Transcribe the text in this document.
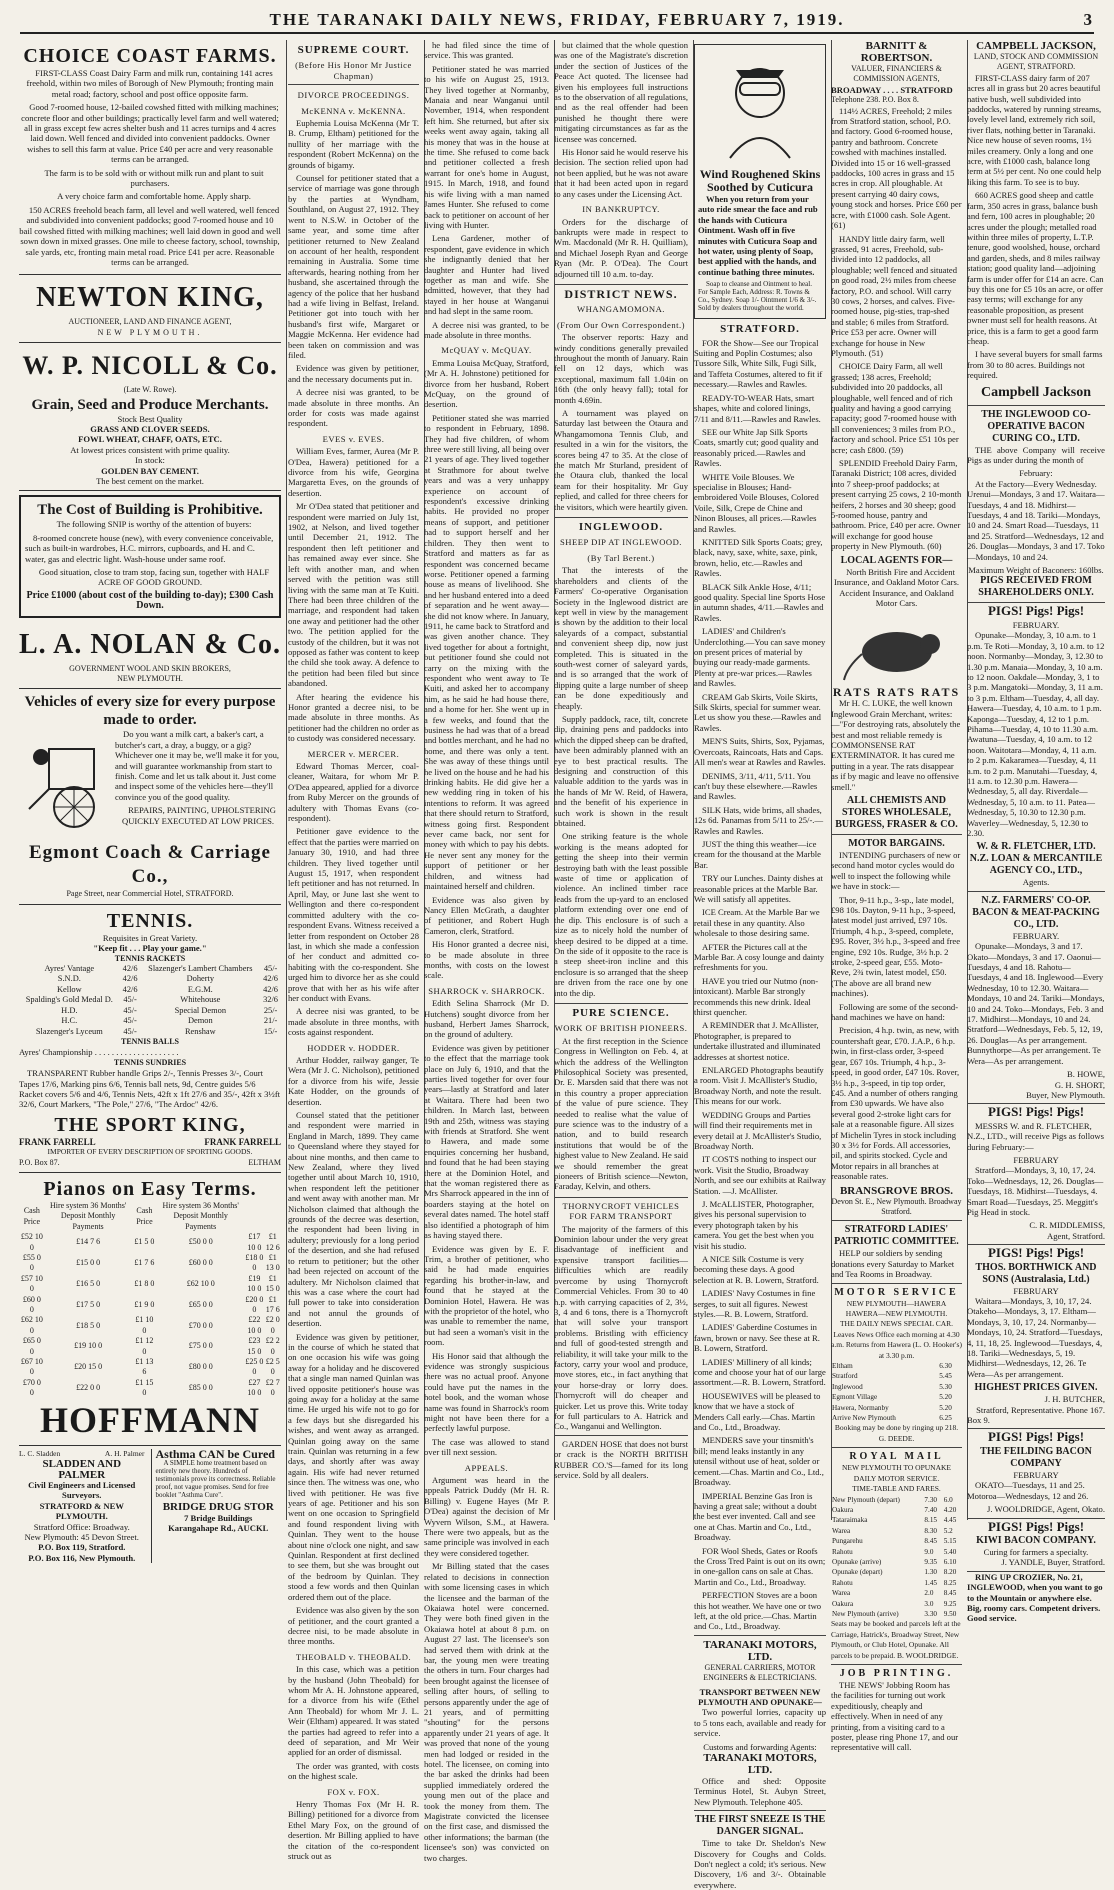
THE TARANAKI DAILY NEWS, FRIDAY, FEBRUARY 7, 1919.	3
CHOICE COAST FARMS.

FIRST-CLASS Coast Dairy Farm and milk run, containing 141 acres freehold, within two miles of Borough of New Plymouth; fronting main metal road; factory, school and post office opposite farm.

Good 7-roomed house, 12-bailed cowshed fitted with milking machines; concrete floor and other buildings; practically level farm and well watered; all in grass except few acres shelter bush and 11 acres turnips and 4 acres laid down. Well fenced and divided into convenient paddocks. Owner wishes to sell this farm at value. Price £40 per acre and very reasonable terms can be arranged.

The farm is to be sold with or without milk run and plant to suit purchasers.

A very choice farm and comfortable home. Apply sharp.

150 ACRES freehold beach farm, all level and well watered, well fenced and subdivided into convenient paddocks; good 7-roomed house and 10 bail cowshed fitted with milking machines; well laid down in good and well sown down in mixed grasses. One mile to cheese factory, school, township, sale yards, etc, fronting main metal road. Price £41 per acre. Reasonable terms can be arranged.

NEWTON KING,
AUCTIONEER, LAND AND FINANCE AGENT,
NEW PLYMOUTH.
W. P. NICOLL & Co.
(Late W. Rowe).
Grain, Seed and Produce Merchants.
Stock Best Quality
GRASS AND CLOVER SEEDS.
FOWL WHEAT, CHAFF, OATS, ETC.
At lowest prices consistent with prime quality.
In stock:
GOLDEN BAY CEMENT.
The best cement on the market.
The Cost of Building is Prohibitive.

The following SNIP is worthy of the attention of buyers:

8-roomed concrete house (new), with every convenience conceivable, such as built-in wardrobes, H.C. mirrors, cupboards, and H. and C. water, gas and electric light. Wash-house under same roof.

Good situation, close to tram stop, facing sun, together with HALF ACRE OF GOOD GROUND.

Price £1000 (about cost of the building to-day); £300 Cash Down.
L. A. NOLAN & Co.
GOVERNMENT WOOL AND SKIN BROKERS,
NEW PLYMOUTH.
Vehicles of every size for every purpose made to order.

Do you want a milk cart, a baker's cart, a butcher's cart, a dray, a buggy, or a gig? Whichever one it may be, we'll make it for you, and will guarantee workmanship from start to finish. Come and let us talk about it. Just come and inspect some of the vehicles here—they'll convince you of the good quality.

REPAIRS, PAINTING, UPHOLSTERING QUICKLY EXECUTED AT LOW PRICES.

Egmont Coach & Carriage Co.,
Page Street, near Commercial Hotel, STRATFORD.
TENNIS.
Requisites in Great Variety.
"Keep fit . . . Play your game."
TENNIS RACKETS
Ayres' Vantage	42/6	Slazenger's Lambert Chambers	45/-
S.N.D.	42/6	Doherty	42/6
Kellow	42/6	E.G.M.	42/6
Spalding's Gold Medal D.	45/-	Whitehouse	32/6
H.D.	45/-	Special Demon	25/-
H.C.	45/-	Demon	21/-
Slazenger's Lyceum	45/-	Renshaw	15/-
TENNIS BALLS
Ayres' Championship . . . . . . . . . . . . . . . . . . . .
TENNIS SUNDRIES

TRANSPARENT Rubber handle Grips 2/-, Tennis Presses 3/-, Court Tapes 17/6, Marking pins 6/6, Tennis ball nets, 9d, Centre guides 5/6 Racket covers 5/6 and 4/6, Tennis Nets, 42ft x 1ft 27/6 and 35/-, 42ft x 3½ft 32/6, Court Markers, "The Pole," 27/6, "The Ardoc" 42/6.

THE SPORT KING,
FRANK FARRELL	FRANK FARRELL
IMPORTER OF EVERY DESCRIPTION OF SPORTING GOODS.
P.O. Box 87.	ELTHAM
Pianos on Easy Terms.
Cash Price	Hire system 36 Months' Deposit Monthly Payments	Cash Price	Hire system 36 Months' Deposit Monthly Payments		
£52 10 0	£14 7 6	£1 5 0	£50 0 0	£17 10 0	£1 12 6
£55 0 0	£15 0 0	£1 7 6	£60 0 0	£18 0 0	£1 13 0
£57 10 0	£16 5 0	£1 8 0	£62 10 0	£19 10 0	£1 15 0
£60 0 0	£17 5 0	£1 9 0	£65 0 0	£20 0 0	£1 17 6
£62 10 0	£18 5 0	£1 10 0	£70 0 0	£22 10 0	£2 0 0
£65 0 0	£19 10 0	£1 12 0	£75 0 0	£23 15 0	£2 2 0
£67 10 0	£20 15 0	£1 13 6	£80 0 0	£25 0 0	£2 5 0
£70 0 0	£22 0 0	£1 15 0	£85 0 0	£27 10 0	£2 7 0
HOFFMANN
L. C. Sladden	A. H. Palmer
SLADDEN AND PALMER
Civil Engineers and Licensed Surveyors.
STRATFORD & NEW PLYMOUTH.
Stratford Office: Broadway.
New Plymouth: 45 Devon Street.
P.O. Box 119, Stratford.
P.O. Box 116, New Plymouth.
Asthma CAN be Cured

A SIMPLE home treatment based on entirely new theory. Hundreds of testimonials prove its correctness. Reliable proof, not vague promises. Send for free booklet "Asthma Cure".

BRIDGE DRUG STOR
7 Bridge Buildings
Karangahape Rd., AUCKL
SUPREME COURT.
(Before His Honor Mr Justice Chapman)
DIVORCE PROCEEDINGS.
McKENNA v. McKENNA.

Euphemia Louisa McKenna (Mr T. B. Crump, Eltham) petitioned for the nullity of her marriage with the respondent (Robert McKenna) on the grounds of bigamy.

Counsel for petitioner stated that a service of marriage was gone through by the parties at Wyndham, Southland, on August 27, 1912. They went to N.S.W. in October of the same year, and some time after petitioner returned to New Zealand on account of her health, respondent remaining in Australia. Some time afterwards, hearing nothing from her husband, she ascertained through the agency of the police that her husband had a wife living in Belfast, Ireland. Petitioner got into touch with her husband's first wife, Margaret or Maggie McKenna. Her evidence had been taken on commission and was filed.

Evidence was given by petitioner, and the necessary documents put in.

A decree nisi was granted, to be made absolute in three months. An order for costs was made against respondent.

EVES v. EVES.

William Eves, farmer, Aurea (Mr P. O'Dea, Hawera) petitioned for a divorce from his wife, Georgina Margaretta Eves, on the grounds of desertion.

Mr O'Dea stated that petitioner and respondent were married on July 1st, 1902, at Nelson, and lived together until December 21, 1912. The respondent then left petitioner and has remained away ever since. She left with another man, and when served with the petition was still living with the same man at Te Kuiti. There had been three children of the marriage, and respondent had taken one away and petitioner had the other two. The petition applied for the custody of the children, but it was not opposed as father was content to keep the child she took away. A defence to the petition had been filed but since abandoned.

After hearing the evidence his Honor granted a decree nisi, to be made absolute in three months. As petitioner had the children no order as to custody was considered necessary.

MERCER v. MERCER.

Edward Thomas Mercer, coal-cleaner, Waitara, for whom Mr P. O'Dea appeared, applied for a divorce from Ruby Mercer on the grounds of adultery with Thomas Evans (co-respondent).

Petitioner gave evidence to the effect that the parties were married on January 30, 1910, and had three children. They lived together until August 15, 1917, when respondent left petitioner and has not returned. In April, May, or June last she went to Wellington and there co-respondent committed adultery with the co-respondent Evans. Witness received a letter from respondent on October 28 last, in which she made a confession of her conduct and admitted co-habiting with the co-respondent. She urged him to divorce her as she could prove that with her as his wife after her conduct with Evans.

A decree nisi was granted, to be made absolute in three months, with costs against respondent.

HODDER v. HODDER.

Arthur Hodder, railway ganger, Te Wera (Mr J. C. Nicholson), petitioned for a divorce from his wife, Jessie Kate Hodder, on the grounds of desertion.

Counsel stated that the petitioner and respondent were married in England in March, 1899. They came to Queensland where they stayed for about nine months, and then came to New Zealand, where they lived together until about March 10, 1910, when respondent left the petitioner and went away with another man. Mr Nicholson claimed that although the grounds of the decree was desertion, the respondent had been living in adultery; previously for a long period of the desertion, and she had refused to return to petitioner; but the other had been rejected on account of the adultery. Mr Nicholson claimed that this was a case where the court had full power to take into consideration and not annul the grounds of desertion.

Evidence was given by petitioner, in the course of which he stated that on one occasion his wife was going away for a holiday and he discovered that a single man named Quinlan was lived opposite petitioner's house was going away for a holiday at the same time. He urged his wife not to go for a few days but she disregarded his wishes, and went away as arranged. Quinlan going away on the same train. Quinlan was returning in a few days, and shortly after was away again. His wife had never returned since then. The witness was one, who lived with petitioner. He was five years of age. Petitioner and his son went on one occasion to Springfield and found respondent living with Quinlan. They went to the house about nine o'clock one night, and saw Quinlan. Respondent at first declined to see them, but she was brought out of the bedroom by Quinlan. They stood a few words and then Quinlan ordered them out of the place.

Evidence was also given by the son of petitioner, and the court granted a decree nisi, to be made absolute in three months.

THEOBALD v. THEOBALD.

In this case, which was a petition by the husband (John Theobald) for whom Mr A. H. Johnstone appeared, for a divorce from his wife (Ethel Ann Theobald) for whom Mr J. L. Weir (Eltham) appeared. It was stated the parties had agreed to refer into a deed of separation, and Mr Weir applied for an order of dismissal.

The order was granted, with costs on the highest scale.

FOX v. FOX.

Henry Thomas Fox (Mr H. R. Billing) petitioned for a divorce from Ethel Mary Fox, on the ground of desertion. Mr Billing applied to have the citation of the co-respondent struck out as

he had filed since the time of service. This was granted.

Petitioner stated he was married to his wife on August 25, 1913. They lived together at Normanby, Manaia and near Wanganui until November, 1914, when respondent left him. She returned, but after six weeks went away again, taking all his money that was in the house at the time. She refused to come back and petitioner collected a fresh warrant for one's home in August, 1915. In March, 1918, and found his wife living with a man named James Hunter. She refused to come back to petitioner on account of her living with Hunter.

Lena Gardener, mother of respondent, gave evidence in which she indignantly denied that her daughter and Hunter had lived together as man and wife. She admitted, however, that they had stayed in her house at Wanganui and had slept in the same room.

A decree nisi was granted, to be made absolute in three months.

McQUAY v. McQUAY.

Emma Louisa McQuay, Stratford, (Mr A. H. Johnstone) petitioned for divorce from her husband, Robert McQuay, on the ground of desertion.

Petitioner stated she was married to respondent in February, 1898. They had five children, of whom three were still living, all being over 21 years of age. They lived together at Strathmore for about twelve years and was a very unhappy experience on account of respondent's excessive drinking habits. He provided no proper means of support, and petitioner had to support herself and her children. They then went to Stratford and matters as far as respondent was concerned became worse. Petitioner opened a farming house as means of livelihood. She and her husband entered into a deed of separation and he went away—she did not know where. In January, 1911, he came back to Stratford and was given another chance. They lived together for about a fortnight, but petitioner found she could not carry on the mixing with the respondent who went away to Te Kuiti, and asked her to accompany him, as he said he had house there, and a home for her. She went up in a few weeks, and found that the business he had was that of a bread and bottles merchant, and he had no home, and there was only a tent. She was away of these things until he lived on the house and he had his drinking habits. He did give her a new wedding ring in token of his intentions to reform. It was agreed that there should return to Stratford, witness going first. Respondent never came back, nor sent for money with which to pay his debts. He never sent any money for the support of petitioner or her children, and witness had maintained herself and children.

Evidence was also given by Nancy Ellen McGrath, a daughter of petitioner, and Robert Hugh Cameron, clerk, Stratford.

His Honor granted a decree nisi, to be made absolute in three months, with costs on the lowest scale.

SHARROCK v. SHARROCK.

Edith Selina Sharrock (Mr D. Hutchens) sought divorce from her husband, Herbert James Sharrock, on the ground of adultery.

Evidence was given by petitioner to the effect that the marriage took place on July 6, 1910, and that the parties lived together for over four years—lastly at Stratford and later at Waitara. There had been two children. In March last, between 19th and 25th, witness was staying with friends at Stratford. She went to Hawera, and made some enquiries concerning her husband, and found that he had been staying there at the Dominion Hotel, and that the woman registered there as Mrs Sharrock appeared in the inn of boarders staying at the hotel on several dates named. The hotel staff also identified a photograph of him as having stayed there.

Evidence was given by E. F. Trim, a brother of petitioner, who said he had made enquiries regarding his brother-in-law, and found that he stayed at the Dominion Hotel, Hawera. He was with the proprietor of the hotel, who was unable to remember the name, but had seen a woman's visit in the room.

His Honor said that although the evidence was strongly suspicious there was no actual proof. Anyone could have put the names in the hotel book, and the woman whose name was found in Sharrock's room might not have been there for a perfectly lawful purpose.

The case was allowed to stand over till next session.

APPEALS.

Argument was heard in the appeals Patrick Duddy (Mr H. R. Billing) v. Eugene Hayes (Mr P. O'Dea) against the decision of Mr Wyvern Wilson, S.M., at Hawera. There were two appeals, but as the same principle was involved in each they were considered together.

Mr Billing stated that the cases related to decisions in connection with some licensing cases in which the licensee and the barman of the Okaiawa hotel were concerned. They were both fined given in the Okaiawa hotel at about 8 p.m. on August 27 last. The licensee's son had served them with drink at the bar, the young men were treating the others in turn. Four charges had been brought against the licensee of selling after hours, of selling to persons apparently under the age of 21 years, and of permitting "shouting" for the persons apparently under 21 years of age. It was proved that none of the young men had lodged or resided in the hotel. The licensee, on coming into the bar asked the drinks had been supplied immediately ordered the young men out of the place and took the money from them. The Magistrate convicted the licensee on the first case, and dismissed the other informations; the barman (the licensee's son) was convicted on two charges.

but claimed that the whole question was one of the Magistrate's discretion under the section of Justices of the Peace Act quoted. The licensee had given his employees full instructions as to the observation of all regulations, and as the real offender had been punished he thought there were mitigating circumstances as far as the licensee was concerned.

His Honor said he would reserve his decision. The section relied upon had not been applied, but he was not aware that it had been acted upon in regard to any cases under the Licensing Act.

IN BANKRUPTCY.

Orders for the discharge of bankrupts were made in respect to Wm. Macdonald (Mr R. H. Quilliam), and Michael Joseph Ryan and George Ryan (Mr. P. O'Dea). The Court adjourned till 10 a.m. to-day.

DISTRICT NEWS.
WHANGAMOMONA.
(From Our Own Correspondent.)

The observer reports: Hazy and windy conditions generally prevailed throughout the month of January. Rain fell on 12 days, which was exceptional, maximum fall 1.04in on 16th (the only heavy fall); total for month 4.69in.

A tournament was played on Saturday last between the Otaura and Whangamomona Tennis Club, and resulted in a win for the visitors, the scores being 47 to 35. At the close of the match Mr Sturland, president of the Otaura club, thanked the local team for their hospitality. Mr Guy replied, and called for three cheers for the visitors, which were heartily given.

INGLEWOOD.
SHEEP DIP AT INGLEWOOD.
(By Tarl Berent.)

That the interests of the shareholders and clients of the Farmers' Co-operative Organisation Society in the Inglewood district are kept well in view by the management is shown by the addition to their local saleyards of a compact, substantial and convenient sheep dip, now just completed. This is situated in the south-west corner of saleyard yards, and is so arranged that the work of dipping quite a large number of sheep can be done expeditiously and cheaply.

Supply paddock, race, tilt, concrete dip, draining pens and paddocks into which the dipped sheep can be drafted, have been admirably planned with an eye to best practical results. The designing and construction of this valuable addition to the yards was in the hands of Mr W. Reid, of Hawera, and the benefit of his experience in such work is shown in the result obtained.

One striking feature is the whole working is the means adopted for getting the sheep into their vermin destroying bath with the least possible waste of time or application of violence. An inclined timber race leads from the up-yard to an enclosed platform extending over one end of the dip. This enclosure is of such a size as to nicely hold the number of sheep desired to be dipped at a time. On the side of it opposite to the race is a steep sheet-iron incline and this enclosure is so arranged that the sheep are driven from the race one by one into the dip.

PURE SCIENCE.
WORK OF BRITISH PIONEERS.

At the first reception in the Science Congress in Wellington on Feb. 4, at which the address of the Wellington Philosophical Society was presented, Dr. E. Marsden said that there was not in this country a proper appreciation of the value of pure science. They needed to realise what the value of pure science was to the industry of a nation, and to build research institutions that would be of the highest value to New Zealand. He said we should remember the great pioneers of British science—Newton, Faraday, Kelvin, and others.

THORNYCROFT VEHICLES FOR FARM TRANSPORT

The majority of the farmers of this Dominion labour under the very great disadvantage of inefficient and expensive transport facilities—difficulties which are readily overcome by using Thornycroft Commercial Vehicles. From 30 to 40 h.p. with carrying capacities of 2, 3½, 3, 4 and 6 tons, there is a Thornycroft that will solve your transport problems. Bristling with efficiency and full of good-tested strength and reliability, it will take your milk to the factory, carry your wool and produce, move stores, etc., in fact anything that your horse-dray or lorry does. Thornycroft will do cheaper and quicker. Let us prove this. Write today for full particulars to A. Hatrick and Co., Wanganui and Wellington.

GARDEN HOSE that does not burst or crack is the NORTH BRITISH RUBBER CO.'S—famed for its long service. Sold by all dealers.

Wind Roughened Skins Soothed by Cuticura

When you return from your auto ride smear the face and rub the hands with Cuticura Ointment. Wash off in five minutes with Cuticura Soap and hot water, using plenty of Soap, best applied with the hands, and continue bathing three minutes.

Soap to cleanse and Ointment to heal. For Sample Each, Address: R. Towns & Co., Sydney. Soap 1/- Ointment 1/6 & 3/-. Sold by dealers throughout the world.

STRATFORD.

FOR the Show—See our Tropical Suiting and Poplin Costumes; also Tussore Silk, White Silk, Fugi Silk, and Taffeta Costumes, altered to fit if necessary.—Rawles and Rawles.

READY-TO-WEAR Hats, smart shapes, white and colored linings, 7/11 and 8/11.—Rawles and Rawles.

SEE our White Jap Silk Sports Coats, smartly cut; good quality and reasonably priced.—Rawles and Rawles.

WHITE Voile Blouses. We specialise in Blouses; Hand-embroidered Voile Blouses, Colored Voile, Silk, Crepe de Chine and Ninon Blouses, all prices.—Rawles and Rawles.

KNITTED Silk Sports Coats; grey, black, navy, saxe, white, saxe, pink, brown, helio, etc.—Rawles and Rawles.

BLACK Silk Ankle Hose, 4/11; good quality. Special line Sports Hose in autumn shades, 4/11.—Rawles and Rawles.

LADIES' and Children's Underclothing.—You can save money on present prices of material by buying our ready-made garments. Plenty at pre-war prices.—Rawles and Rawles.

CREAM Gab Skirts, Voile Skirts, Silk Skirts, special for summer wear. Let us show you these.—Rawles and Rawles.

MEN'S Suits, Shirts, Sox, Pyjamas, Overcoats, Raincoats, Hats and Caps. All men's wear at Rawles and Rawles.

DENIMS, 3/11, 4/11, 5/11. You can't buy these elsewhere.—Rawles and Rawles.

SILK Hats, wide brims, all shades, 12s 6d. Panamas from 5/11 to 25/-.—Rawles and Rawles.

JUST the thing this weather—ice cream for the thousand at the Marble Bar.

TRY our Lunches. Dainty dishes at reasonable prices at the Marble Bar. We will satisfy all appetites.

ICE Cream. At the Marble Bar we retail these in any quantity. Also wholesale to those desiring same.

AFTER the Pictures call at the Marble Bar. A cosy lounge and dainty refreshments for you.

HAVE you tried our Nutmo (non-intoxicant). Marble Bar strongly recommends this new drink. Ideal thirst quencher.

A REMINDER that J. McAllister, Photographer, is prepared to undertake illustrated and illuminated addresses at shortest notice.

ENLARGED Photographs beautify a room. Visit J. McAllister's Studio, Broadway North, and note the result. This means for our work.

WEDDING Groups and Parties will find their requirements met in every detail at J. McAllister's Studio, Broadway North.

IT COSTS nothing to inspect our work. Visit the Studio, Broadway North, and see our exhibits at Railway Station. —J. McAllister.

J. McALLISTER, Photographer, gives his personal supervision to every photograph taken by his camera. You get the best when you visit his studio.

A NICE Silk Costume is very becoming these days. A good selection at R. B. Lowern, Stratford.

LADIES' Navy Costumes in fine serges, to suit all figures. Newest styles.—R. B. Lowern, Stratford.

LADIES' Gaberdine Costumes in fawn, brown or navy. See these at R. B. Lowern, Stratford.

LADIES' Millinery of all kinds; come and choose your hat of our large assortment.—R. B. Lowern, Stratford.

HOUSEWIVES will be pleased to know that we have a stock of Menders Call early.—Chas. Martin and Co., Ltd., Broadway.

MENDERS save your tinsmith's bill; mend leaks instantly in any utensil without use of heat, solder or cement.—Chas. Martin and Co., Ltd., Broadway.

IMPERIAL Benzine Gas Iron is having a great sale; without a doubt the best ever invented. Call and see one at Chas. Martin and Co., Ltd., Broadway.

FOR Wool Sheds, Gates or Roofs the Cross Tred Paint is out on its own; in one-gallon cans on sale at Chas. Martin and Co., Ltd., Broadway.

PERFECTION Stoves are a boon this hot weather. We have one or two left, at the old price.—Chas. Martin and Co., Ltd., Broadway.

TARANAKI MOTORS, LTD.
GENERAL CARRIERS, MOTOR ENGINEERS & ELECTRICIANS.
TRANSPORT BETWEEN NEW PLYMOUTH AND OPUNAKE—

Two powerful lorries, capacity up to 5 tons each, available and ready for service.

Customs and forwarding Agents:
TARANAKI MOTORS, LTD.

Office and shed: Opposite Terminus Hotel, St. Aubyn Street, New Plymouth. Telephone 405.

THE FIRST SNEEZE IS THE DANGER SIGNAL.

Time to take Dr. Sheldon's New Discovery for Coughs and Colds. Don't neglect a cold; it's serious. New Discovery, 1/6 and 3/-. Obtainable everywhere.

BARNITT & ROBERTSON.
VALUER, FINANCIERS & COMMISSION AGENTS,
BROADWAY . . . . STRATFORD
Telephone 238. P.O. Box 8.

114½ ACRES, Freehold; 2 miles from Stratford station, school, P.O. and factory. Good 6-roomed house, pantry and bathroom. Concrete cowshed with machines installed. Divided into 15 or 16 well-grassed paddocks, 100 acres in grass and 15 acres in crop. All ploughable. At present carrying 40 dairy cows, young stock and horses. Price £60 per acre, with £1000 cash. Sole Agent. (61)

HANDY little dairy farm, well grassed, 91 acres, Freehold, sub-divided into 12 paddocks, all ploughable; well fenced and situated on good road, 2½ miles from cheese factory, P.O. and school. Will carry 30 cows, 2 horses, and calves. Five-roomed house, pig-sties, trap-shed and stable; 6 miles from Stratford. Price £53 per acre. Owner will exchange for house in New Plymouth. (51)

CHOICE Dairy Farm, all well grassed; 138 acres, Freehold; subdivided into 20 paddocks, all ploughable, well fenced and of rich quality and having a good carrying capacity; good 7-roomed house with all conveniences; 3 miles from P.O., factory and school. Price £51 10s per acre; cash £800. (59)

SPLENDID Freehold Dairy Farm, Taranaki District; 108 acres, divided into 7 sheep-proof paddocks; at present carrying 25 cows, 2 10-month heifers, 2 horses and 30 sheep; good 5-roomed house, pantry and bathroom. Price, £40 per acre. Owner will exchange for good house property in New Plymouth. (60)

LOCAL AGENTS FOR—

North British Fire and Accident Insurance, and Oakland Motor Cars. Accident Insurance, and Oakland Motor Cars.

RATS RATS RATS

Mr H. C. LUKE, the well known Inglewood Grain Merchant, writes:—"For destroying rats, absolutely the best and most reliable remedy is COMMONSENSE RAT EXTERMINATOR. It has cured me putting in a year. The rats disappear as if by magic and leave no offensive smell."

ALL CHEMISTS AND STORES WHOLESALE,
BURGESS, FRASER & CO.
MOTOR BARGAINS.

INTENDING purchasers of new or second hand motor cycles would do well to inspect the following while we have in stock:—

Thor, 9-11 h.p., 3-sp., late model, £98 10s. Dayton, 9-11 h.p., 3-speed, latest model just arrived, £97 10s. Triumph, 4 h.p., 3-speed, complete, £95. Rover, 3½ h.p., 3-speed and free engine, £92 10s. Rudge, 3½ h.p. 2 stroke, 2-speed gear, £55. Moto-Reve, 2¾ twin, latest model, £50. (The above are all brand new machines).

Following are some of the second-hand machines we have on hand:

Precision, 4 h.p. twin, as new, with countershaft gear, £70. J.A.P., 6 h.p. twin, in first-class order, 3-speed gear, £67 10s. Triumph, 4 h.p., 3-speed, in good order, £47 10s. Rover, 3½ h.p., 3-speed, in tip top order, £45. And a number of others ranging from £30 upwards. We have also several good 2-stroke light cars for sale at a reasonable figure. All sizes of Michelin Tyres in stock including 30 x 3½ for Fords. All accessories, oil, and spirits stocked. Cycle and Motor repairs in all branches at reasonable rates.

BRANSGROVE BROS.
Devon St. E., New Plymouth. Broadway Stratford.
STRATFORD LADIES' PATRIOTIC COMMITTEE.

HELP our soldiers by sending donations every Saturday to Market and Tea Rooms in Broadway.

MOTOR SERVICE
NEW PLYMOUTH—HAWERA HAWERA—NEW PLYMOUTH.
THE DAILY NEWS SPECIAL CAR. Leaves News Office each morning at 4.30 a.m. Returns from Hawera (L. O. Hooker's) at 3.30 p.m.
Eltham	6.30
Stratford	5.45
Inglewood	5.30
Egmont Village	5.20
Hawera, Normanby	5.20
Arrive New Plymouth	6.25
Booking may be done by ringing up 218. G. DEEDE.
ROYAL MAIL
NEW PLYMOUTH TO OPUNAKE DAILY MOTOR SERVICE.
TIME-TABLE AND FARES.
New Plymouth (depart)	7.30	6.0
Oakura	7.40	4.20
Tataraimaka	8.15	4.45
Warea	8.30	5.2
Pungarehu	8.45	5.15
Rahotu	9.0	5.40
Opunake (arrive)	9.35	6.10
Opunake (depart)	1.30	8.20
Rahotu	1.45	8.25
Warea	2.0	8.45
Oakura	3.0	9.25
New Plymouth (arrive)	3.30	9.50
Seats may be booked and parcels left at the Carriage, Hatrick's, Broadway Street, New Plymouth, or Club Hotel, Opunake. All parcels to be prepaid. B. WOOLDRIDGE.
JOB PRINTING.

THE NEWS' Jobbing Room has the facilities for turning out work expeditiously, cheaply and effectively. When in need of any printing, from a visiting card to a poster, please ring Phone 17, and our representative will call.

CAMPBELL JACKSON,
LAND, STOCK AND COMMISSION AGENT, STRATFORD.

FIRST-CLASS dairy farm of 207 acres all in grass but 20 acres beautiful native bush, well subdivided into paddocks, watered by running streams, lovely level land, extremely rich soil, river flats, nothing better in Taranaki. Nice new house of seven rooms, 1½ miles creamery. Only a long and one acre, with £1000 cash, balance long term at 5½ per cent. No one could help liking this farm. To see is to buy.

660 ACRES good sheep and cattle farm, 350 acres in grass, balance bush and fern, 100 acres in ploughable; 20 acres under the plough; metalled road within three miles of property, L.T.P. tenure, good woolshed, house, orchard and garden, sheds, and 8 miles railway station; good quality land—adjoining farm is under offer for £14 an acre. Can buy this one for £5 10s an acre, or offer easy terms; will exchange for any reasonable proposition, as present owner must sell for health reasons. At price, this is a farm to get a good farm cheap.

I have several buyers for small farms from 30 to 80 acres. Buildings not required.

Campbell Jackson
THE INGLEWOOD CO-OPERATIVE BACON CURING CO., LTD.

THE above Company will receive Pigs as under during the month of

February:

At the Factory—Every Wednesday. Urenui—Mondays, 3 and 17. Waitara—Tuesdays, 4 and 18. Midhirst—Tuesdays, 4 and 18. Tariki—Mondays, 10 and 24. Smart Road—Tuesdays, 11 and 25. Stratford—Wednesdays, 12 and 26. Douglas—Mondays, 3 and 17. Toko—Mondays, 10 and 24.

Maximum Weight of Baconers: 160lbs.
PIGS RECEIVED FROM SHAREHOLDERS ONLY.
PIGS! Pigs! Pigs!
FEBRUARY.

Opunake—Monday, 3, 10 a.m. to 1 p.m. Te Roti—Monday, 3, 10 a.m. to 12 noon. Normanby—Monday, 3, 12.30 to 1.30 p.m. Manaia—Monday, 3, 10 a.m. to 12 noon. Oakdale—Monday, 3, 1 to 3 p.m. Mangatoki—Monday, 3, 11 a.m. to 3 p.m. Eltham—Tuesday, 4, all day. Hawera—Tuesday, 4, 10 a.m. to 1 p.m. Kaponga—Tuesday, 4, 12 to 1 p.m. Pihama—Tuesday, 4, 10 to 11.30 a.m. Awatuna—Tuesday, 4, 10 a.m. to 12 noon. Waitotara—Monday, 4, 11 a.m. to 2 p.m. Kakaramea—Tuesday, 4, 11 a.m. to 2 p.m. Manutahi—Tuesday, 4, 11 a.m. to 12.30 p.m. Hawera—Wednesday, 5, all day. Riverdale—Wednesday, 5, 10 a.m. to 11. Patea—Wednesday, 5, 10.30 to 12.30 p.m. Waverley—Wednesday, 5, 12.30 to 2.30.

W. & R. FLETCHER, LTD.
N.Z. LOAN & MERCANTILE AGENCY CO., LTD.,
Agents.
N.Z. FARMERS' CO-OP. BACON & MEAT-PACKING CO., LTD.
FEBRUARY.

Opunake—Mondays, 3 and 17. Okato—Mondays, 3 and 17. Oaonui—Tuesdays, 4 and 18. Rahotu—Tuesdays, 4 and 18. Inglewood—Every Wednesday, 10 to 12.30. Waitara—Mondays, 10 and 24. Tariki—Mondays, 10 and 24. Toko—Mondays, Feb. 3 and 17. Midhirst—Mondays, 10 and 24. Stratford—Wednesdays, Feb. 5, 12, 19, 26. Douglas—As per arrangement. Bunnythorpe—As per arrangement. Te Wera—As per arrangement.

B. HOWE,
G. H. SHORT,
Buyer, New Plymouth.
PIGS! Pigs! Pigs!

MESSRS W. and R. FLETCHER, N.Z., LTD., will receive Pigs as follows during February:—

FEBRUARY

Stratford—Mondays, 3, 10, 17, 24. Toko—Wednesdays, 12, 26. Douglas—Tuesdays, 18. Midhirst—Tuesdays, 4. Smart Road—Tuesdays, 25. Meggitt's Pig Head in stock.

C. R. MIDDLEMISS,
Agent, Stratford.
PIGS! Pigs! Pigs!
THOS. BORTHWICK AND SONS (Australasia, Ltd.)
FEBRUARY

Waitara—Mondays, 3, 10, 17, 24. Otakeho—Mondays, 3, 17. Eltham—Mondays, 3, 10, 17, 24. Normanby—Mondays, 10, 24. Stratford—Tuesdays, 4, 11, 18, 25. Inglewood—Tuesdays, 4, 18. Tariki—Wednesdays, 5, 19. Midhirst—Wednesdays, 12, 26. Te Wera—As per arrangement.

HIGHEST PRICES GIVEN.
J. H. BUTCHER,
Stratford, Representative. Phone 167.
Box 9.
PIGS! Pigs! Pigs!
THE FEILDING BACON COMPANY
FEBRUARY

OKATO—Tuesdays, 11 and 25. Motoroa—Wednesdays, 12 and 26.

J. WOOLDRIDGE, Agent, Okato.
PIGS! Pigs! Pigs!
KIWI BACON COMPANY.
Curing for farmers a specialty.
J. YANDLE, Buyer, Stratford.

RING UP CROZIER, No. 21, INGLEWOOD, when you want to go to the Mountain or anywhere else. Big, roomy cars. Competent drivers. Good service.
